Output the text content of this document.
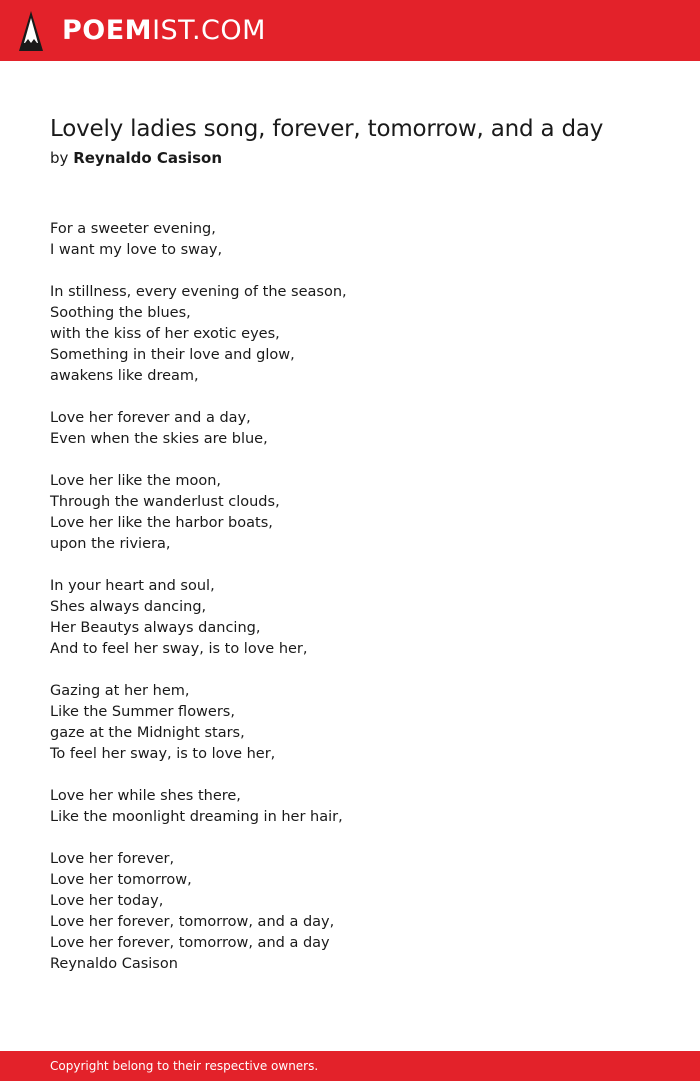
POEMIST.COM
Lovely ladies song, forever, tomorrow, and a day
by Reynaldo Casison
For a sweeter evening,
I want my love to sway,
In stillness, every evening of the season,
Soothing the blues,
with the kiss of her exotic eyes,
Something in their love and glow,
awakens like dream,
Love her forever and a day,
Even when the skies are blue,
Love her like the moon,
Through the wanderlust clouds,
Love her like the harbor boats,
upon the riviera,
In your heart and soul,
Shes always dancing,
Her Beautys always dancing,
And to feel her sway, is to love her,
Gazing at her hem,
Like the Summer flowers,
gaze at the Midnight stars,
To feel her sway, is to love her,
Love her while shes there,
Like the moonlight dreaming in her hair,
Love her forever,
Love her tomorrow,
Love her today,
Love her forever, tomorrow, and a day,
Love her forever, tomorrow, and a day
Reynaldo Casison
Copyright belong to their respective owners.
